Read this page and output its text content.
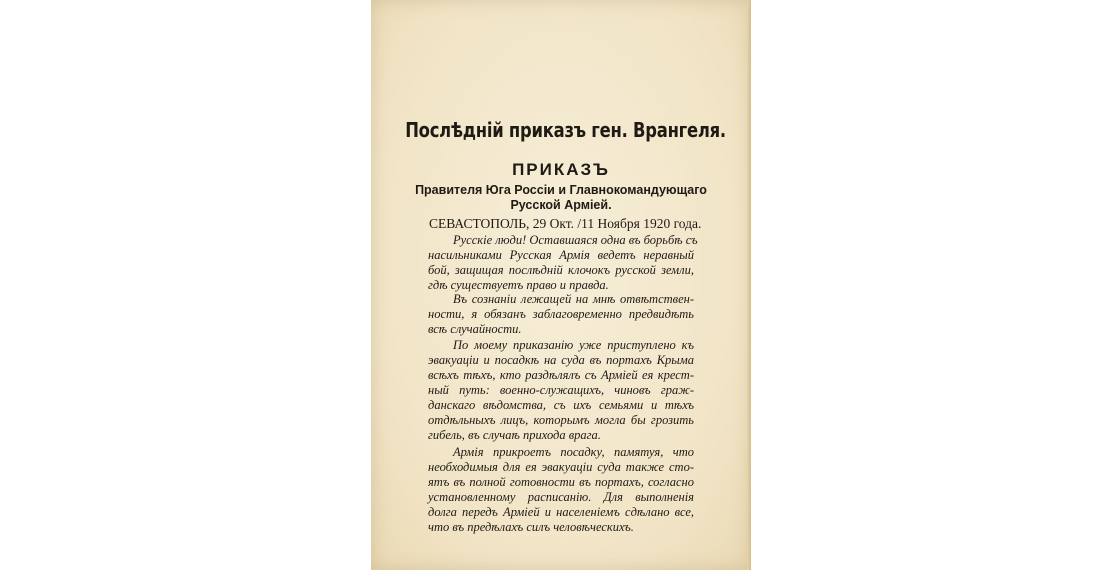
Послѣдній приказъ ген. Врангеля.
ПРИКАЗЪ
Правителя Юга Россіи и Главнокомандующаго
Русской Арміей.
СЕВАСТОПОЛЬ, 29 Окт. /11 Ноября 1920 года.
Русскіе люди! Оставшаяся одна въ борьбѣ съ
насильниками Русская Армія ведетъ неравный
бой, защищая послѣдній клочокъ русской земли,
гдѣ существуетъ право и правда.
Въ сознаніи лежащей на мнѣ отвѣтствен-
ности, я обязанъ заблаговременно предвидѣть
всѣ случайности.
По моему приказанію уже приступлено къ
эвакуаціи и посадкѣ на суда въ портахъ Крыма
всѣхъ тѣхъ, кто раздѣлялъ съ Арміей ея крест-
ный путь: военно-служащихъ, чиновъ граж-
данскаго вѣдомства, съ ихъ семьями и тѣхъ
отдѣльныхъ лицъ, которымъ могла бы грозить
гибель, въ случаѣ прихода врага.
Армія прикроетъ посадку, памятуя, что
необходимыя для ея эвакуаціи суда также сто-
ятъ въ полной готовности въ портахъ, согласно
установленному расписанію. Для выполненія
долга передъ Арміей и населеніемъ сдѣлано все,
что въ предѣлахъ силъ человѣческихъ.
